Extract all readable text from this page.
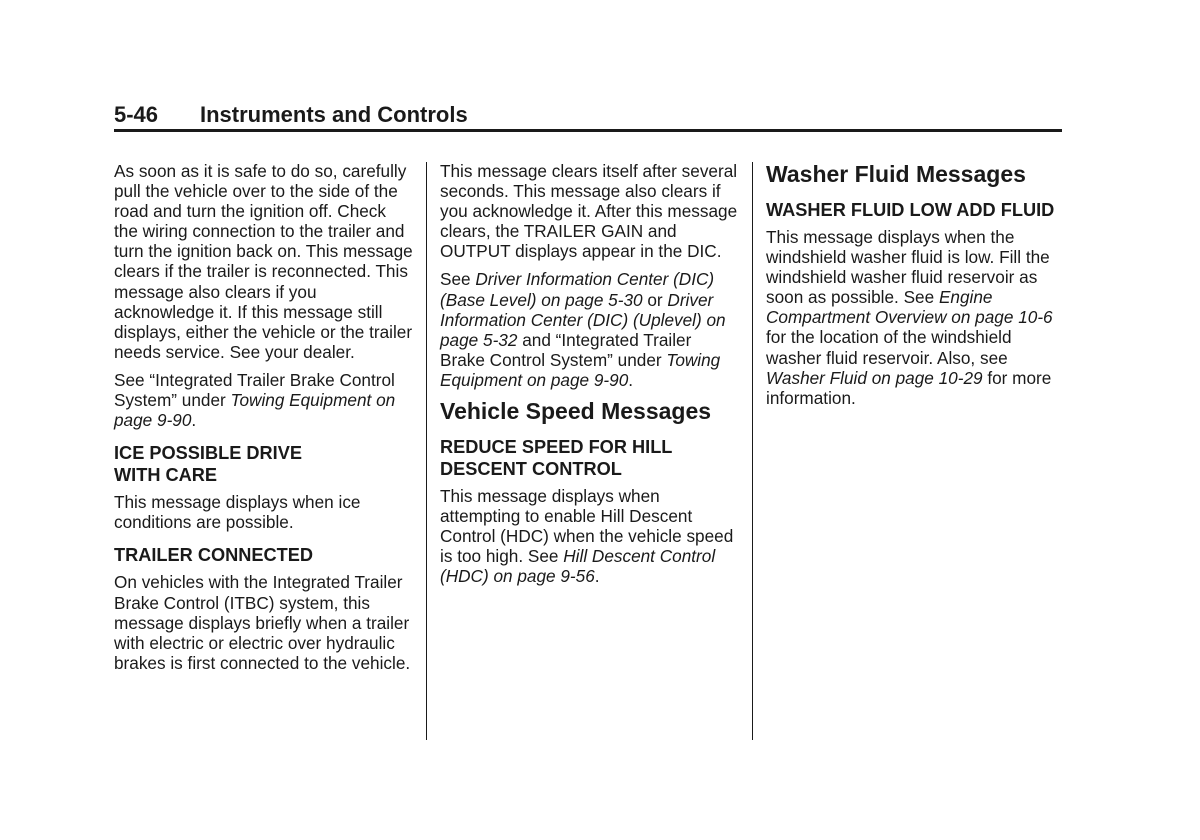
5-46 Instruments and Controls

As soon as it is safe to do so, carefully pull the vehicle over to the side of the road and turn the ignition off. Check the wiring connection to the trailer and turn the ignition back on. This message clears if the trailer is reconnected. This message also clears if you acknowledge it. If this message still displays, either the vehicle or the trailer needs service. See your dealer.

See “Integrated Trailer Brake Control System” under Towing Equipment on page 9-90.

ICE POSSIBLE DRIVE
WITH CARE

This message displays when ice conditions are possible.

TRAILER CONNECTED

On vehicles with the Integrated Trailer Brake Control (ITBC) system, this message displays briefly when a trailer with electric or electric over hydraulic brakes is first connected to the vehicle.

This message clears itself after several seconds. This message also clears if you acknowledge it. After this message clears, the TRAILER GAIN and OUTPUT displays appear in the DIC.

See Driver Information Center (DIC) (Base Level) on page 5-30 or Driver Information Center (DIC) (Uplevel) on page 5-32 and “Integrated Trailer Brake Control System” under Towing Equipment on page 9-90.

Vehicle Speed Messages
REDUCE SPEED FOR HILL DESCENT CONTROL

This message displays when attempting to enable Hill Descent Control (HDC) when the vehicle speed is too high. See Hill Descent Control (HDC) on page 9-56.

Washer Fluid Messages
WASHER FLUID LOW ADD FLUID

This message displays when the windshield washer fluid is low. Fill the windshield washer fluid reservoir as soon as possible. See Engine Compartment Overview on page 10-6 for the location of the windshield washer fluid reservoir. Also, see Washer Fluid on page 10-29 for more information.
